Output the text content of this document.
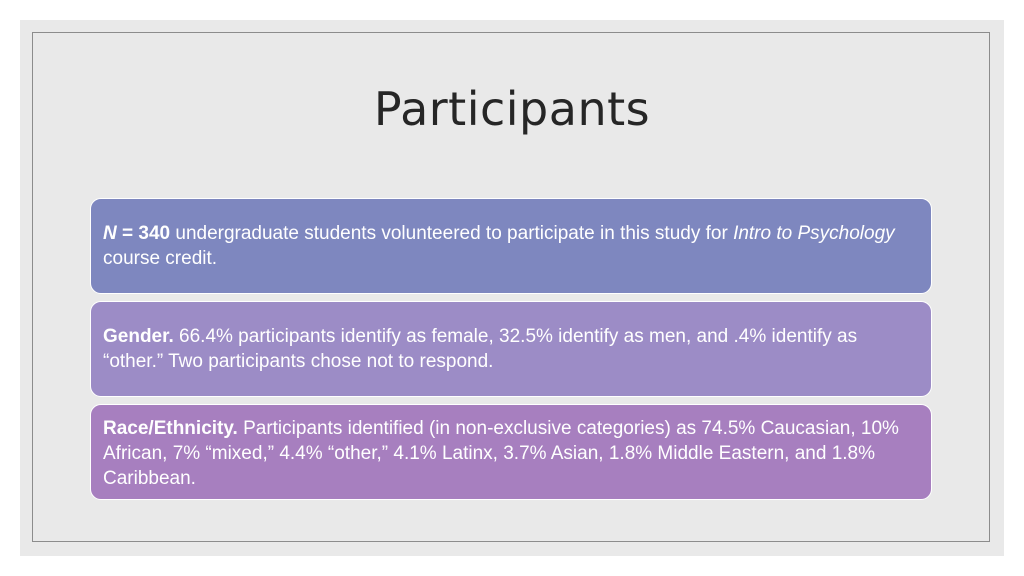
Participants
N = 340 undergraduate students volunteered to participate in this study for Intro to Psychology course credit.
Gender. 66.4% participants identify as female, 32.5% identify as men, and .4% identify as “other.” Two participants chose not to respond.
Race/Ethnicity. Participants identified (in non-exclusive categories) as 74.5% Caucasian, 10% African, 7% “mixed,” 4.4% “other,” 4.1% Latinx, 3.7% Asian, 1.8% Middle Eastern, and 1.8% Caribbean.
